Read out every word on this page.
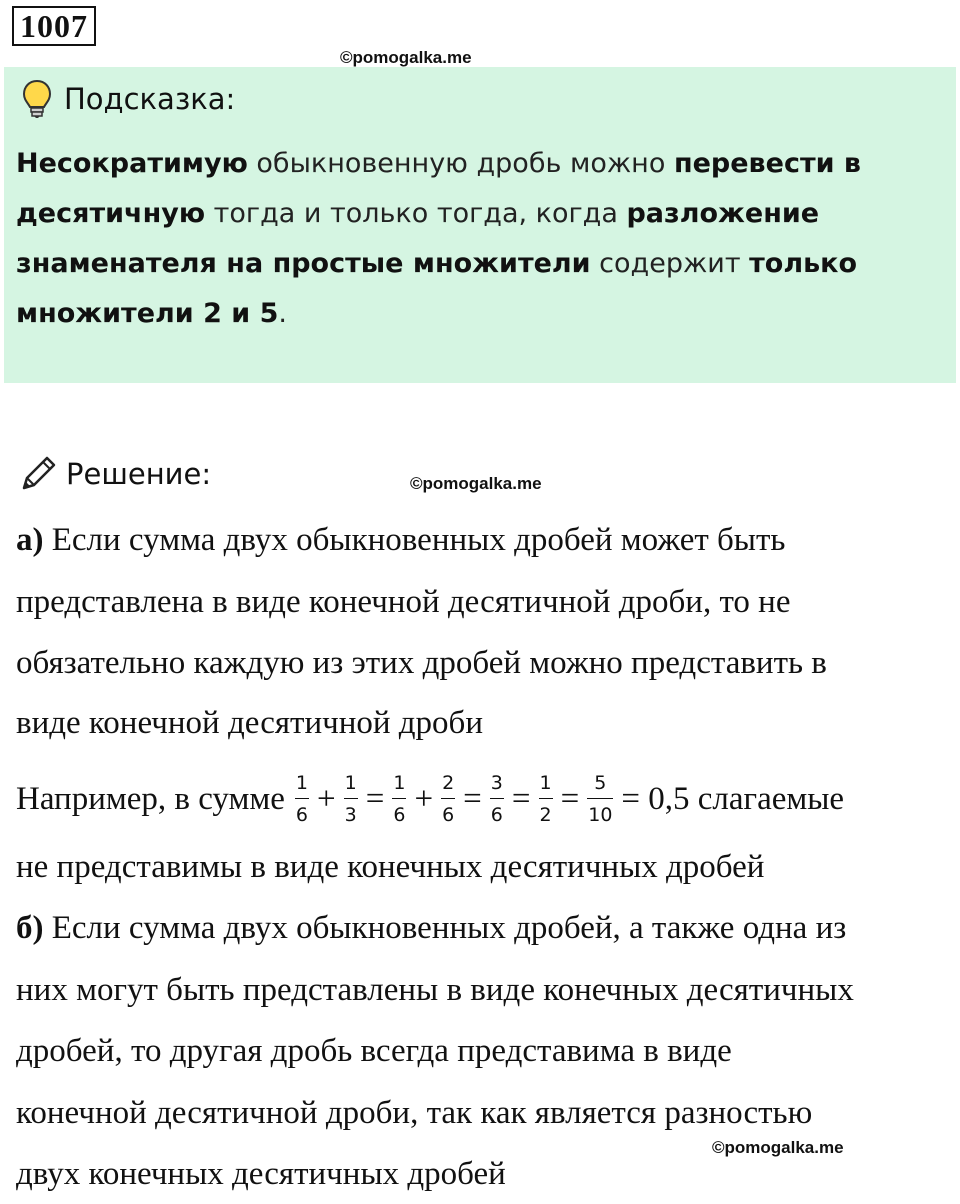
1007
©pomogalka.me
Подсказка:
Несократимую обыкновенную дробь можно перевести в десятичную тогда и только тогда, когда разложение знаменателя на простые множители содержит только множители 2 и 5.
Решение:	©pomogalka.me
а) Если сумма двух обыкновенных дробей может быть
представлена в виде конечной десятичной дроби, то не
обязательно каждую из этих дробей можно представить в
виде конечной десятичной дроби
Например, в сумме $\frac{1}{6} + \frac{1}{3} = \frac{1}{6} + \frac{2}{6} = \frac{3}{6} = \frac{1}{2} = \frac{5}{10} = 0,5$ слагаемые
не представимы в виде конечных десятичных дробей
б) Если сумма двух обыкновенных дробей, а также одна из
них могут быть представлены в виде конечных десятичных
дробей, то другая дробь всегда представима в виде
конечной десятичной дроби, так как является разностью
двух конечных десятичных дробей
©pomogalka.me
